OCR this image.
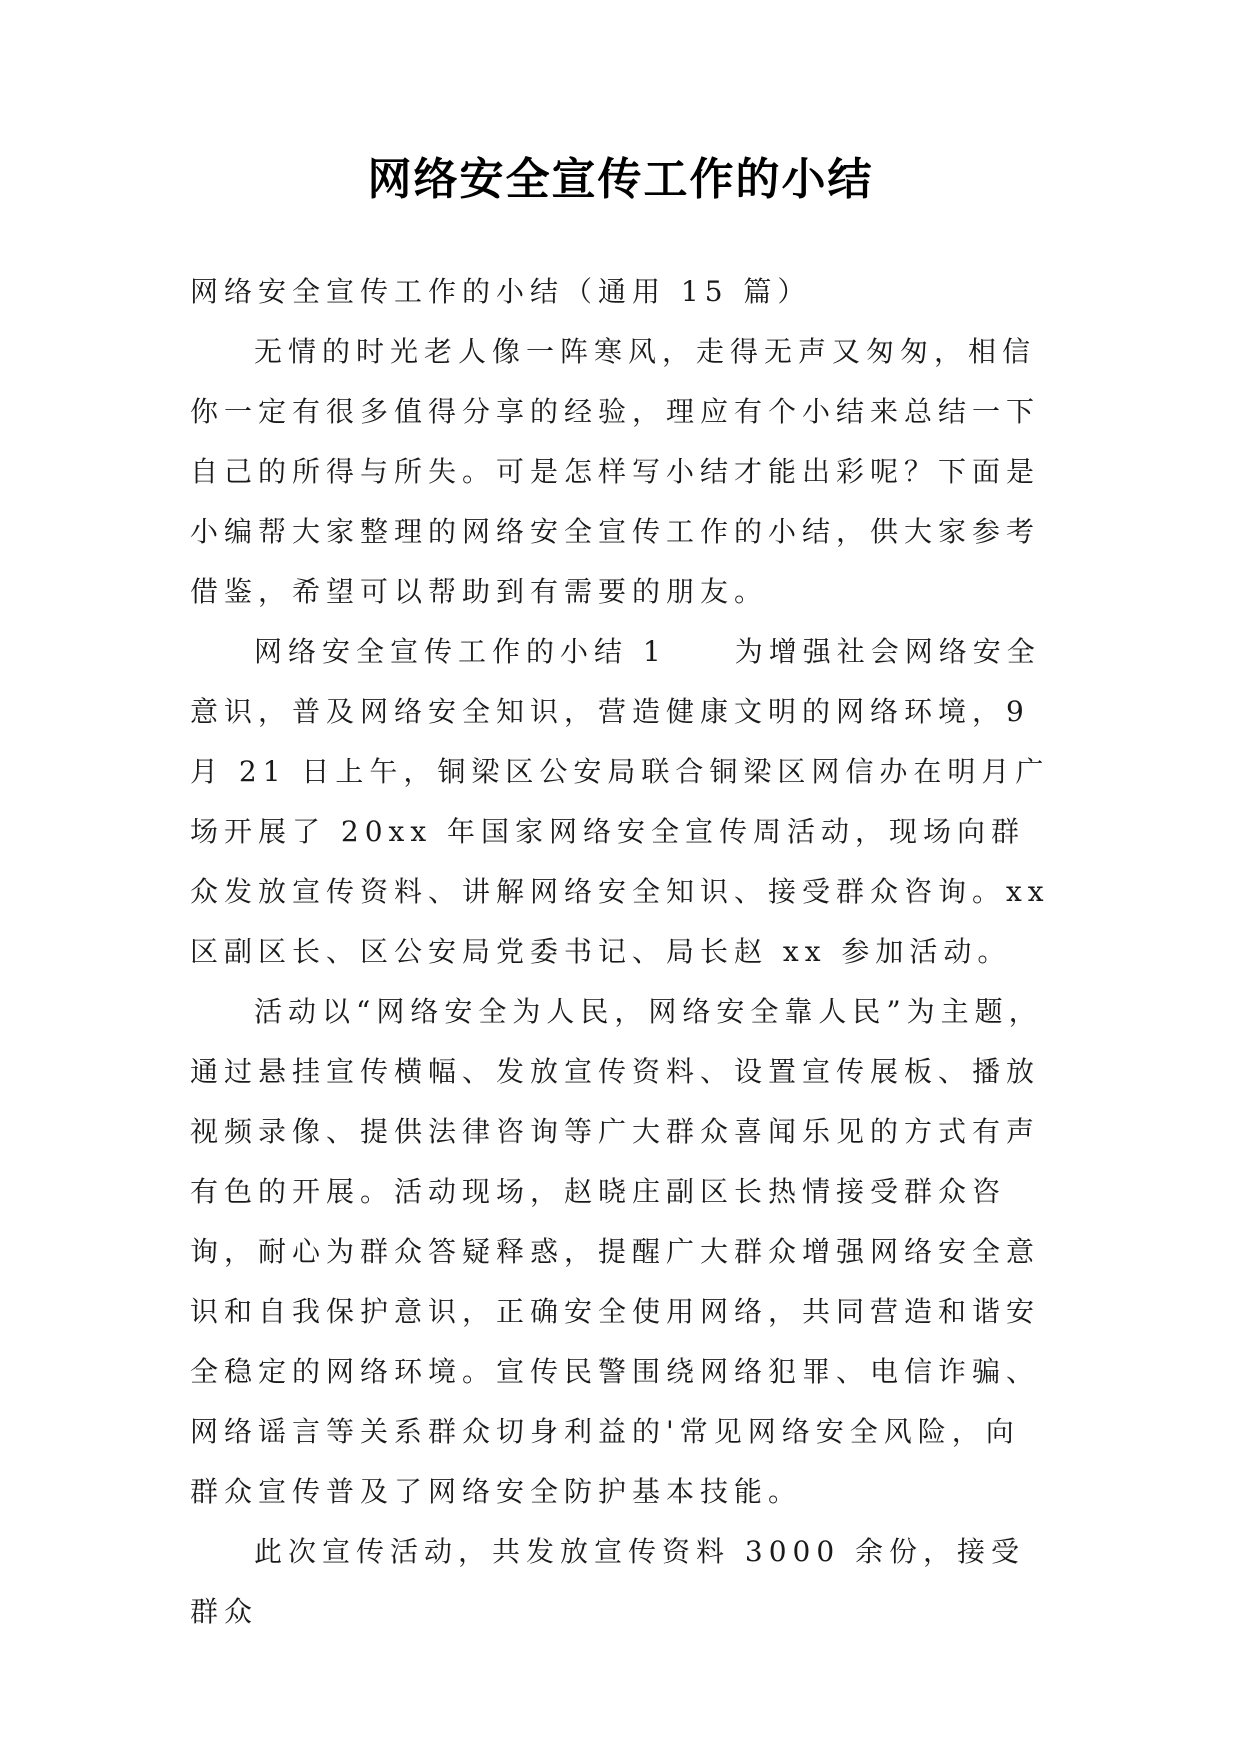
网络安全宣传工作的小结

网络安全宣传工作的小结（通用 15 篇）

无情的时光老人像一阵寒风，走得无声又匆匆，相信你一定有很多值得分享的经验，理应有个小结来总结一下自己的所得与所失。可是怎样写小结才能出彩呢？下面是小编帮大家整理的网络安全宣传工作的小结，供大家参考借鉴，希望可以帮助到有需要的朋友。

网络安全宣传工作的小结 1　　为增强社会网络安全意识，普及网络安全知识，营造健康文明的网络环境，9 月 21 日上午，铜梁区公安局联合铜梁区网信办在明月广场开展了 20xx 年国家网络安全宣传周活动，现场向群众发放宣传资料、讲解网络安全知识、接受群众咨询。xx 区副区长、区公安局党委书记、局长赵 xx 参加活动。

活动以“网络安全为人民，网络安全靠人民”为主题，通过悬挂宣传横幅、发放宣传资料、设置宣传展板、播放视频录像、提供法律咨询等广大群众喜闻乐见的方式有声有色的开展。活动现场，赵晓庄副区长热情接受群众咨询，耐心为群众答疑释惑，提醒广大群众增强网络安全意识和自我保护意识，正确安全使用网络，共同营造和谐安全稳定的网络环境。宣传民警围绕网络犯罪、电信诈骗、网络谣言等关系群众切身利益的'常见网络安全风险，向群众宣传普及了网络安全防护基本技能。

此次宣传活动，共发放宣传资料 3000 余份，接受群众
